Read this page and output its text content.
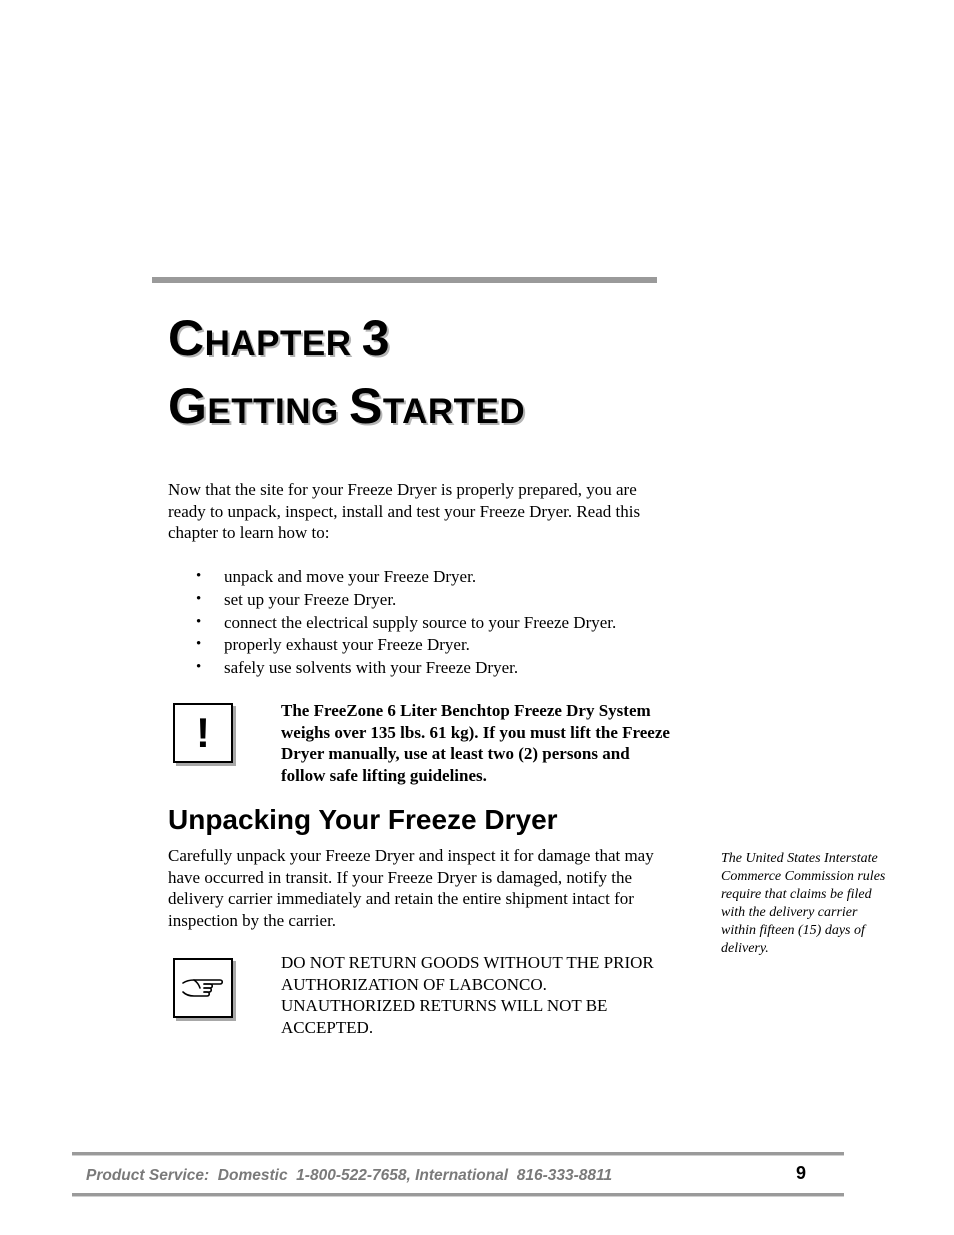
CHAPTER 3
GETTING STARTED

Now that the site for your Freeze Dryer is properly prepared, you are ready to unpack, inspect, install and test your Freeze Dryer. Read this chapter to learn how to:

• unpack and move your Freeze Dryer.
• set up your Freeze Dryer.
• connect the electrical supply source to your Freeze Dryer.
• properly exhaust your Freeze Dryer.
• safely use solvents with your Freeze Dryer.
!	The FreeZone 6 Liter Benchtop Freeze Dry System weighs over 135 lbs. 61 kg). If you must lift the Freeze Dryer manually, use at least two (2) persons and follow safe lifting guidelines.

Unpacking Your Freeze Dryer

Carefully unpack your Freeze Dryer and inspect it for damage that may have occurred in transit. If your Freeze Dryer is damaged, notify the delivery carrier immediately and retain the entire shipment intact for inspection by the carrier.

DO NOT RETURN GOODS WITHOUT THE PRIOR AUTHORIZATION OF LABCONCO. UNAUTHORIZED RETURNS WILL NOT BE ACCEPTED.

The United States Interstate Commerce Commission rules require that claims be filed with the delivery carrier within fifteen (15) days of delivery.

Product Service:  Domestic  1-800-522-7658, International  816-333-8811	9
